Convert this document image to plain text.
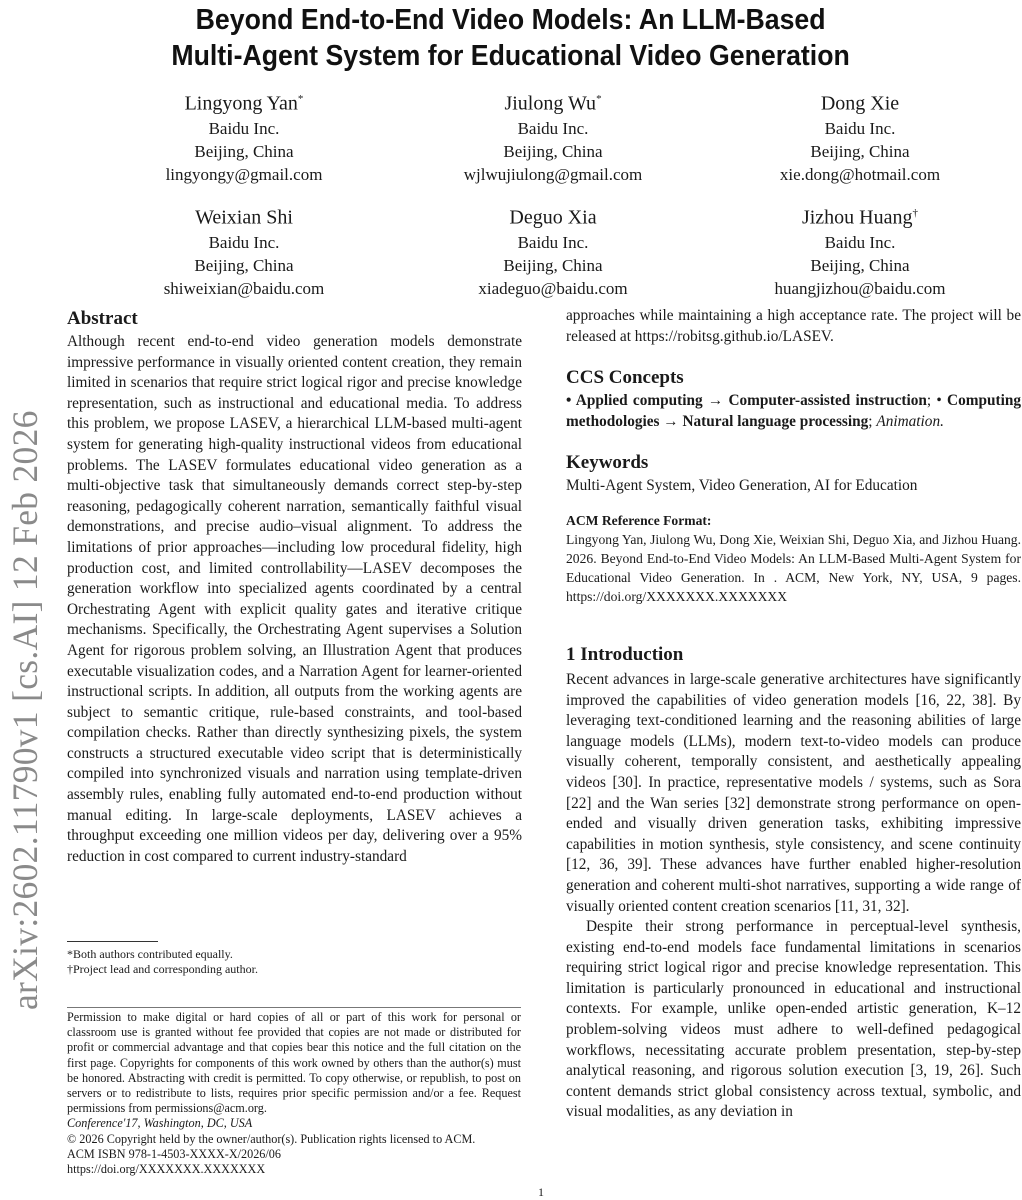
arXiv:2602.11790v1 [cs.AI] 12 Feb 2026
Beyond End-to-End Video Models: An LLM-Based
Multi-Agent System for Educational Video Generation
Lingyong Yan*
Baidu Inc.
Beijing, China
lingyongy@gmail.com
Jiulong Wu*
Baidu Inc.
Beijing, China
wjlwujiulong@gmail.com
Dong Xie
Baidu Inc.
Beijing, China
xie.dong@hotmail.com
Weixian Shi
Baidu Inc.
Beijing, China
shiweixian@baidu.com
Deguo Xia
Baidu Inc.
Beijing, China
xiadeguo@baidu.com
Jizhou Huang†
Baidu Inc.
Beijing, China
huangjizhou@baidu.com
Abstract

Although recent end-to-end video generation models demonstrate impressive performance in visually oriented content creation, they remain limited in scenarios that require strict logical rigor and precise knowledge representation, such as instructional and educational media. To address this problem, we propose LASEV, a hierarchical LLM-based multi-agent system for generating high-quality instructional videos from educational problems. The LASEV formulates educational video generation as a multi-objective task that simultaneously demands correct step-by-step reasoning, pedagogically coherent narration, semantically faithful visual demonstrations, and precise audio–visual alignment. To address the limitations of prior approaches—including low procedural fidelity, high production cost, and limited controllability—LASEV decomposes the generation workflow into specialized agents coordinated by a central Orchestrating Agent with explicit quality gates and iterative critique mechanisms. Specifically, the Orchestrating Agent supervises a Solution Agent for rigorous problem solving, an Illustration Agent that produces executable visualization codes, and a Narration Agent for learner-oriented instructional scripts. In addition, all outputs from the working agents are subject to semantic critique, rule-based constraints, and tool-based compilation checks. Rather than directly synthesizing pixels, the system constructs a structured executable video script that is deterministically compiled into synchronized visuals and narration using template-driven assembly rules, enabling fully automated end-to-end production without manual editing. In large-scale deployments, LASEV achieves a throughput exceeding one million videos per day, delivering over a 95% reduction in cost compared to current industry-standard

*Both authors contributed equally.
†Project lead and corresponding author.

Permission to make digital or hard copies of all or part of this work for personal or classroom use is granted without fee provided that copies are not made or distributed for profit or commercial advantage and that copies bear this notice and the full citation on the first page. Copyrights for components of this work owned by others than the author(s) must be honored. Abstracting with credit is permitted. To copy otherwise, or republish, to post on servers or to redistribute to lists, requires prior specific permission and/or a fee. Request permissions from permissions@acm.org.

Conference'17, Washington, DC, USA

© 2026 Copyright held by the owner/author(s). Publication rights licensed to ACM.

ACM ISBN 978-1-4503-XXXX-X/2026/06

https://doi.org/XXXXXXX.XXXXXXX

approaches while maintaining a high acceptance rate. The project will be released at https://robitsg.github.io/LASEV.

CCS Concepts

• Applied computing → Computer-assisted instruction; • Computing methodologies → Natural language processing; Animation.

Keywords

Multi-Agent System, Video Generation, AI for Education

ACM Reference Format:

Lingyong Yan, Jiulong Wu, Dong Xie, Weixian Shi, Deguo Xia, and Jizhou Huang. 2026. Beyond End-to-End Video Models: An LLM-Based Multi-Agent System for Educational Video Generation. In . ACM, New York, NY, USA, 9 pages. https://doi.org/XXXXXXX.XXXXXXX

1 Introduction

Recent advances in large-scale generative architectures have significantly improved the capabilities of video generation models [16, 22, 38]. By leveraging text-conditioned learning and the reasoning abilities of large language models (LLMs), modern text-to-video models can produce visually coherent, temporally consistent, and aesthetically appealing videos [30]. In practice, representative models / systems, such as Sora [22] and the Wan series [32] demonstrate strong performance on open-ended and visually driven generation tasks, exhibiting impressive capabilities in motion synthesis, style consistency, and scene continuity [12, 36, 39]. These advances have further enabled higher-resolution generation and coherent multi-shot narratives, supporting a wide range of visually oriented content creation scenarios [11, 31, 32].

Despite their strong performance in perceptual-level synthesis, existing end-to-end models face fundamental limitations in scenarios requiring strict logical rigor and precise knowledge representation. This limitation is particularly pronounced in educational and instructional contexts. For example, unlike open-ended artistic generation, K–12 problem-solving videos must adhere to well-defined pedagogical workflows, necessitating accurate problem presentation, step-by-step analytical reasoning, and rigorous solution execution [3, 19, 26]. Such content demands strict global consistency across textual, symbolic, and visual modalities, as any deviation in

1
